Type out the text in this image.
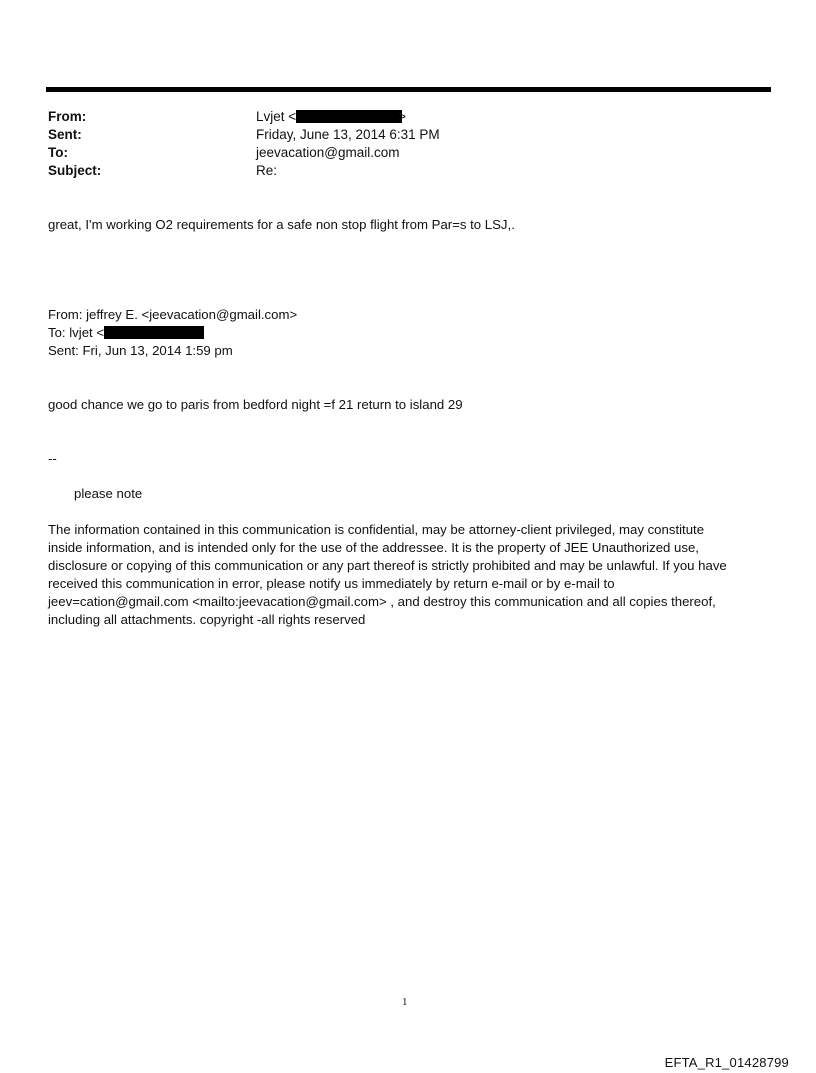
From:	Lvjet <	>
Sent:	Friday, June 13, 2014 6:31 PM
To:	jeevacation@gmail.com
Subject:	Re:
great, I'm working O2 requirements for a safe non stop flight from Par=s to LSJ,.
From: jeffrey E. <jeevacation@gmail.com>
To: lvjet <
Sent: Fri, Jun 13, 2014 1:59 pm
good chance we go to paris from bedford night =f 21 return to island 29
--
please note
The information contained in this communication is confidential, may be attorney-client privileged, may constitute
inside information, and is intended only for the use of the addressee. It is the property of JEE Unauthorized use,
disclosure or copying of this communication or any part thereof is strictly prohibited and may be unlawful. If you have
received this communication in error, please notify us immediately by return e-mail or by e-mail to
jeev=cation@gmail.com <mailto:jeevacation@gmail.com> , and destroy this communication and all copies thereof,
including all attachments. copyright -all rights reserved
1
EFTA_R1_01428799
